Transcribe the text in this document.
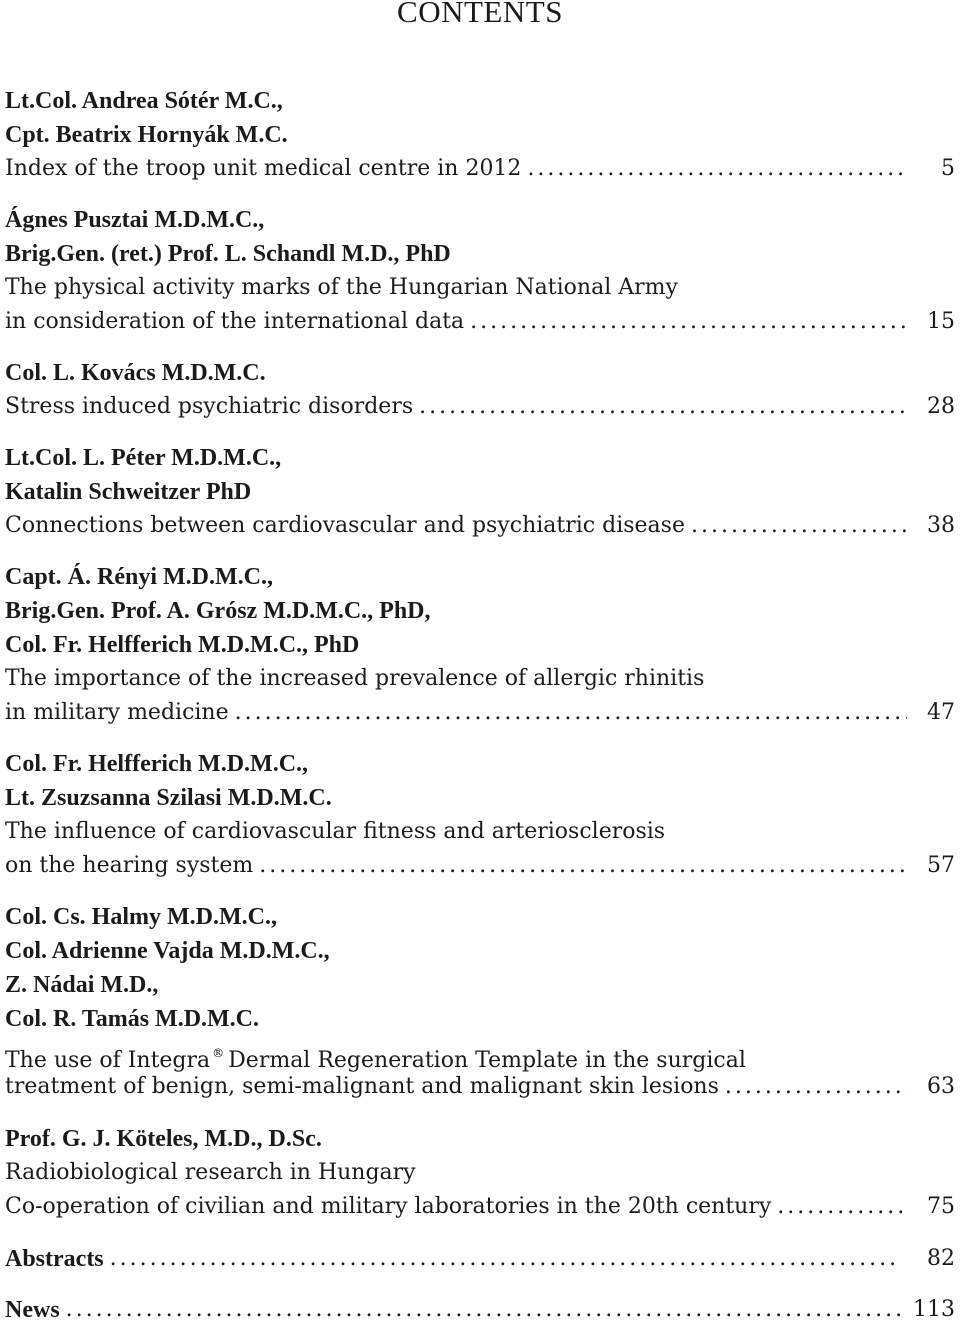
CONTENTS
Lt.Col. Andrea Sótér M.C.,
Cpt. Beatrix Hornyák M.C.
Index of the troop unit medical centre in 2012 .....	5
Ágnes Pusztai M.D.M.C.,
Brig.Gen. (ret.) Prof. L. Schandl M.D., PhD
The physical activity marks of the Hungarian National Army
in consideration of the international data .....	15
Col. L. Kovács M.D.M.C.
Stress induced psychiatric disorders .....	28
Lt.Col. L. Péter M.D.M.C.,
Katalin Schweitzer PhD
Connections between cardiovascular and psychiatric disease .....	38
Capt. Á. Rényi M.D.M.C.,
Brig.Gen. Prof. A. Grósz M.D.M.C., PhD,
Col. Fr. Helfferich M.D.M.C., PhD
The importance of the increased prevalence of allergic rhinitis
in military medicine .....	47
Col. Fr. Helfferich M.D.M.C.,
Lt. Zsuzsanna Szilasi M.D.M.C.
The influence of cardiovascular fitness and arteriosclerosis
on the hearing system .....	57
Col. Cs. Halmy M.D.M.C.,
Col. Adrienne Vajda M.D.M.C.,
Z. Nádai M.D.,
Col. R. Tamás M.D.M.C.
The use of Integra ® Dermal Regeneration Template in the surgical
treatment of benign, semi-malignant and malignant skin lesions .....	63
Prof. G. J. Köteles, M.D., D.Sc.
Radiobiological research in Hungary
Co-operation of civilian and military laboratories in the 20th century .....	75
Abstracts .....	82
News .....	113
